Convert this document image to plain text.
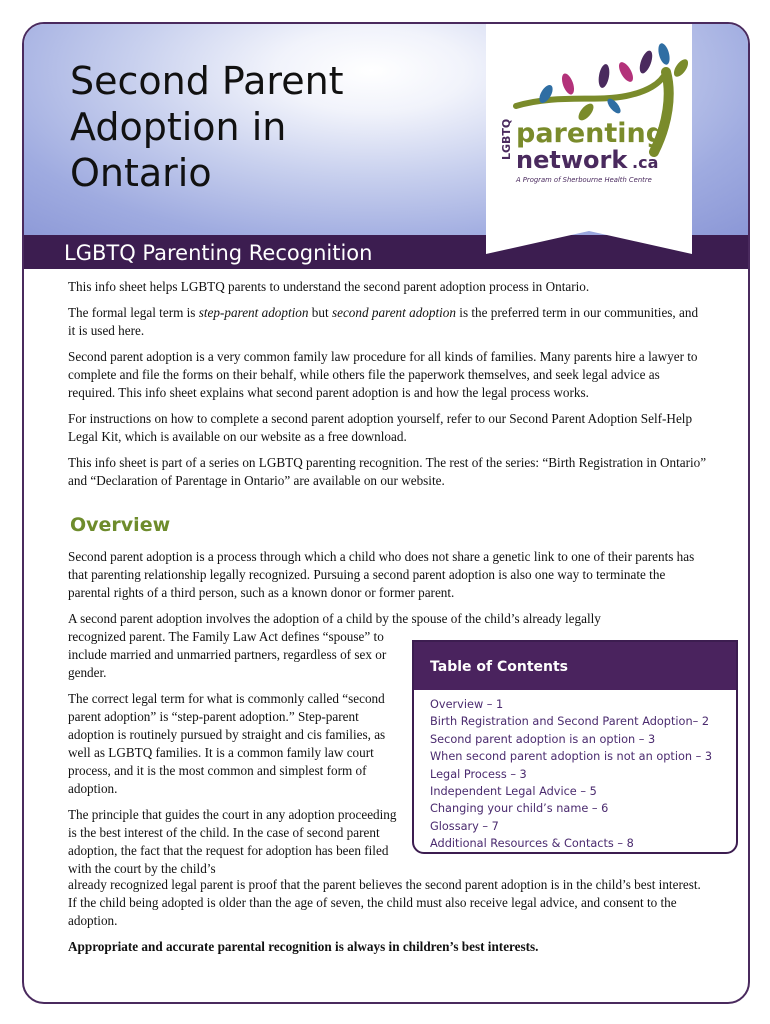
Second Parent
Adoption in
Ontario
LGBTQ Parenting Recognition
LGBTQ parenting
network .ca
A Program of Sherbourne Health Centre

This info sheet helps LGBTQ parents to understand the second parent adoption process in Ontario.

The formal legal term is step-parent adoption but second parent adoption is the preferred term in our communities, and it is used here.

Second parent adoption is a very common family law procedure for all kinds of families. Many parents hire a lawyer to complete and file the forms on their behalf, while others file the paperwork themselves, and seek legal advice as required. This info sheet explains what second parent adoption is and how the legal process works.

For instructions on how to complete a second parent adoption yourself, refer to our Second Parent Adoption Self-Help Legal Kit, which is available on our website as a free download.

This info sheet is part of a series on LGBTQ parenting recognition. The rest of the series: “Birth Registration in Ontario” and “Declaration of Parentage in Ontario” are available on our website.

Overview

Second parent adoption is a process through which a child who does not share a genetic link to one of their parents has that parenting relationship legally recognized. Pursuing a second parent adoption is also one way to terminate the parental rights of a third person, such as a known donor or former parent.

A second parent adoption involves the adoption of a child by the spouse of the child’s already legally

recognized parent. The Family Law Act defines “spouse” to include married and unmarried partners, regardless of sex or gender.

The correct legal term for what is commonly called “second parent adoption” is “step-parent adoption.” Step-parent adoption is routinely pursued by straight and cis families, as well as LGBTQ families. It is a common family law court process, and it is the most common and simplest form of adoption.

The principle that guides the court in any adoption proceeding is the best interest of the child. In the case of second parent adoption, the fact that the request for adoption has been filed with the court by the child’s

already recognized legal parent is proof that the parent believes the second parent adoption is in the child’s best interest. If the child being adopted is older than the age of seven, the child must also receive legal advice, and consent to the adoption.

Appropriate and accurate parental recognition is always in children’s best interests.

Table of Contents
Overview – 1
Birth Registration and Second Parent Adoption– 2
Second parent adoption is an option – 3
When second parent adoption is not an option – 3
Legal Process – 3
Independent Legal Advice – 5
Changing your child’s name – 6
Glossary – 7
Additional Resources & Contacts – 8
